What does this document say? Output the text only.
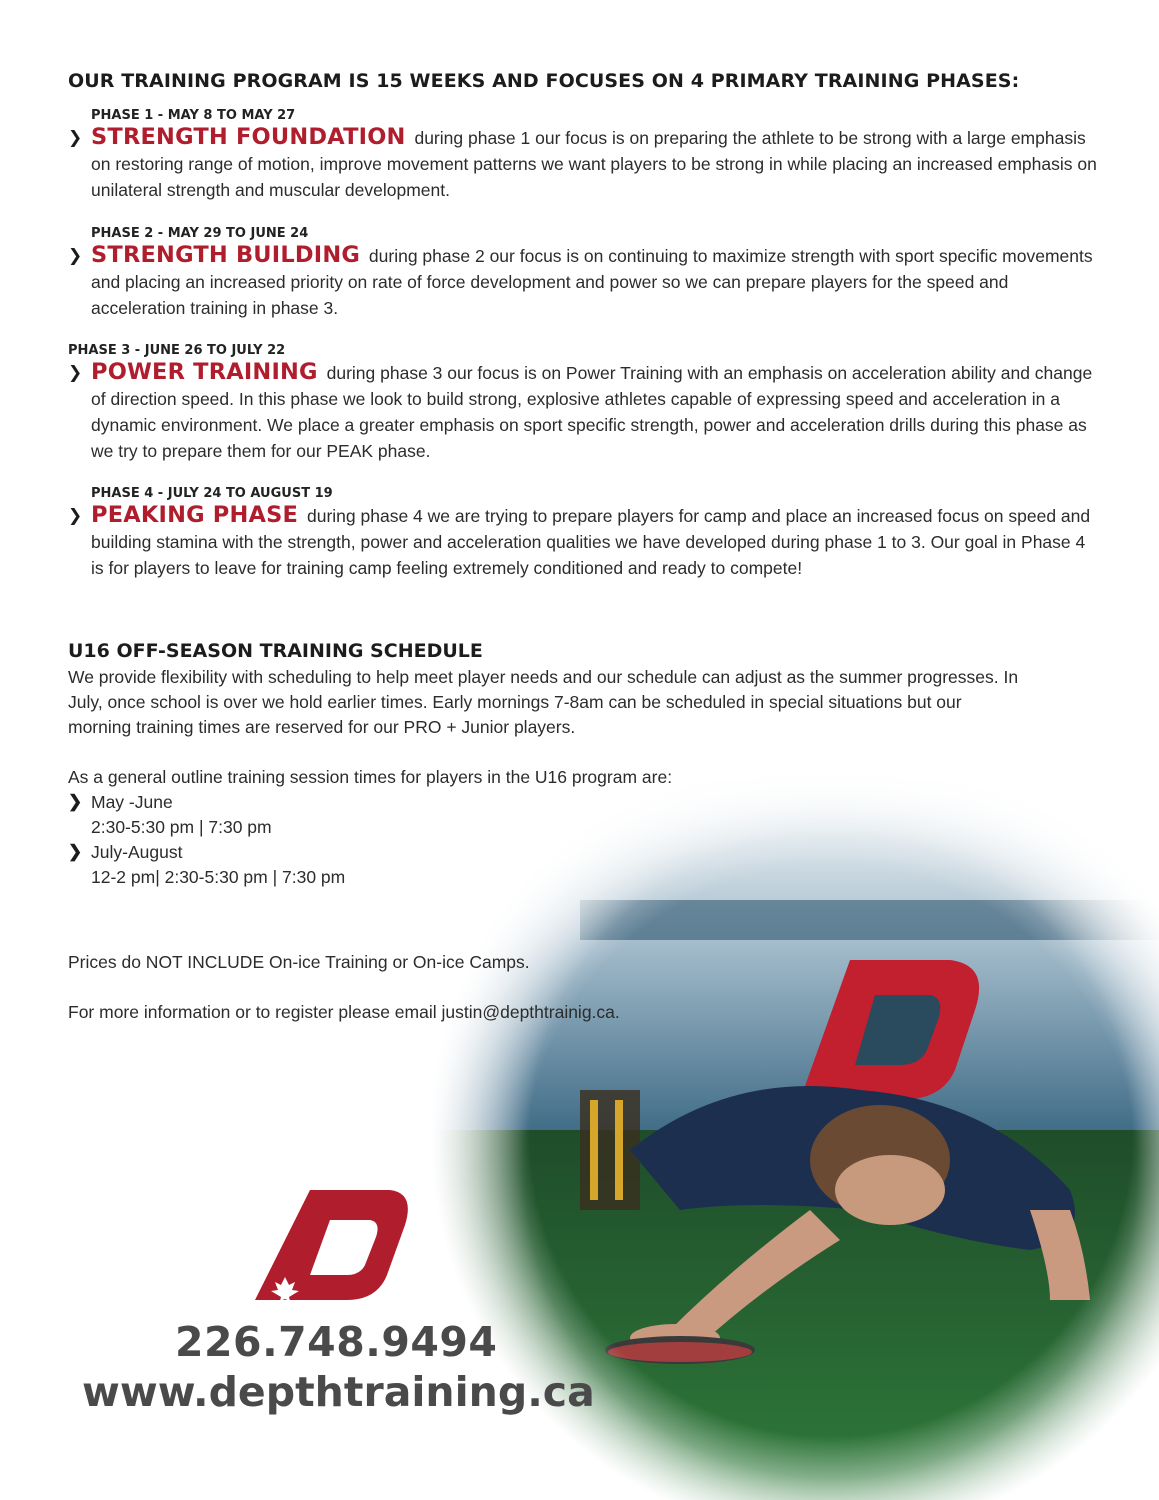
OUR TRAINING PROGRAM IS 15 WEEKS AND FOCUSES ON 4 PRIMARY TRAINING PHASES:
PHASE 1 - MAY 8 TO MAY 27
❯ STRENGTH FOUNDATION during phase 1 our focus is on preparing the athlete to be strong with a large emphasis on restoring range of motion, improve movement patterns we want players to be strong in while placing an increased emphasis on unilateral strength and muscular development.
PHASE 2 - MAY 29 TO JUNE 24
❯ STRENGTH BUILDING during phase 2 our focus is on continuing to maximize strength with sport specific movements and placing an increased priority on rate of force development and power so we can prepare players for the speed and acceleration training in phase 3.
PHASE 3 - JUNE 26 TO JULY 22
❯ POWER TRAINING during phase 3 our focus is on Power Training with an emphasis on acceleration ability and change of direction speed. In this phase we look to build strong, explosive athletes capable of expressing speed and acceleration in a dynamic environment. We place a greater emphasis on sport specific strength, power and acceleration drills during this phase as we try to prepare them for our PEAK phase.
PHASE 4 - JULY 24 TO AUGUST 19
❯ PEAKING PHASE during phase 4 we are trying to prepare players for camp and place an increased focus on speed and building stamina with the strength, power and acceleration qualities we have developed during phase 1 to 3. Our goal in Phase 4 is for players to leave for training camp feeling extremely conditioned and ready to compete!
U16 OFF-SEASON TRAINING SCHEDULE

We provide flexibility with scheduling to help meet player needs and our schedule can adjust as the summer progresses. In July, once school is over we hold earlier times. Early mornings 7-8am can be scheduled in special situations but our morning training times are reserved for our PRO + Junior players.

As a general outline training session times for players in the U16 program are:

❯ May -June
2:30-5:30 pm | 7:30 pm
❯ July-August
12-2 pm| 2:30-5:30 pm | 7:30 pm

Prices do NOT INCLUDE On-ice Training or On-ice Camps.

For more information or to register please email justin@depthtrainig.ca.

226.748.9494

www.depthtraining.ca
